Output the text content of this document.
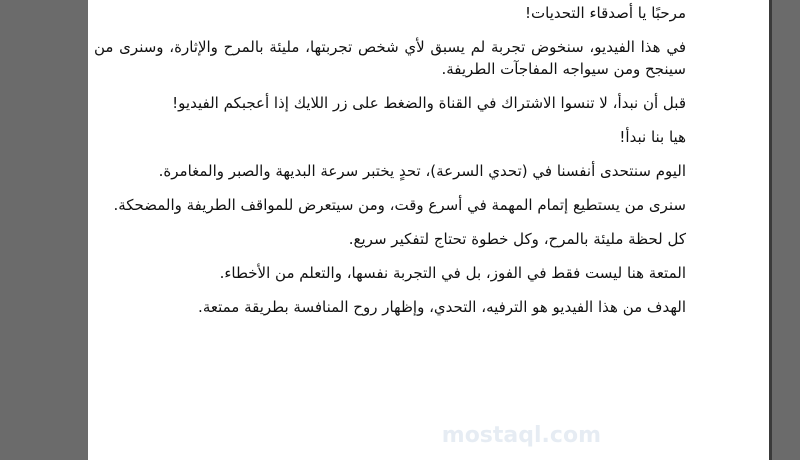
مرحبًا يا أصدقاء التحديات!

في هذا الفيديو، سنخوض تجربة لم يسبق لأي شخص تجربتها، مليئة بالمرح والإثارة، وسنرى من سينجح ومن سيواجه المفاجآت الطريفة.

قبل أن نبدأ، لا تنسوا الاشتراك في القناة والضغط على زر اللايك إذا أعجبكم الفيديو!

هيا بنا نبدأ!

اليوم سنتحدى أنفسنا في (تحدي السرعة)، تحدٍ يختبر سرعة البديهة والصبر والمغامرة.

سنرى من يستطيع إتمام المهمة في أسرع وقت، ومن سيتعرض للمواقف الطريفة والمضحكة.

كل لحظة مليئة بالمرح، وكل خطوة تحتاج لتفكير سريع.

المتعة هنا ليست فقط في الفوز، بل في التجربة نفسها، والتعلم من الأخطاء.

الهدف من هذا الفيديو هو الترفيه، التحدي، وإظهار روح المنافسة بطريقة ممتعة.

mostaql.com
